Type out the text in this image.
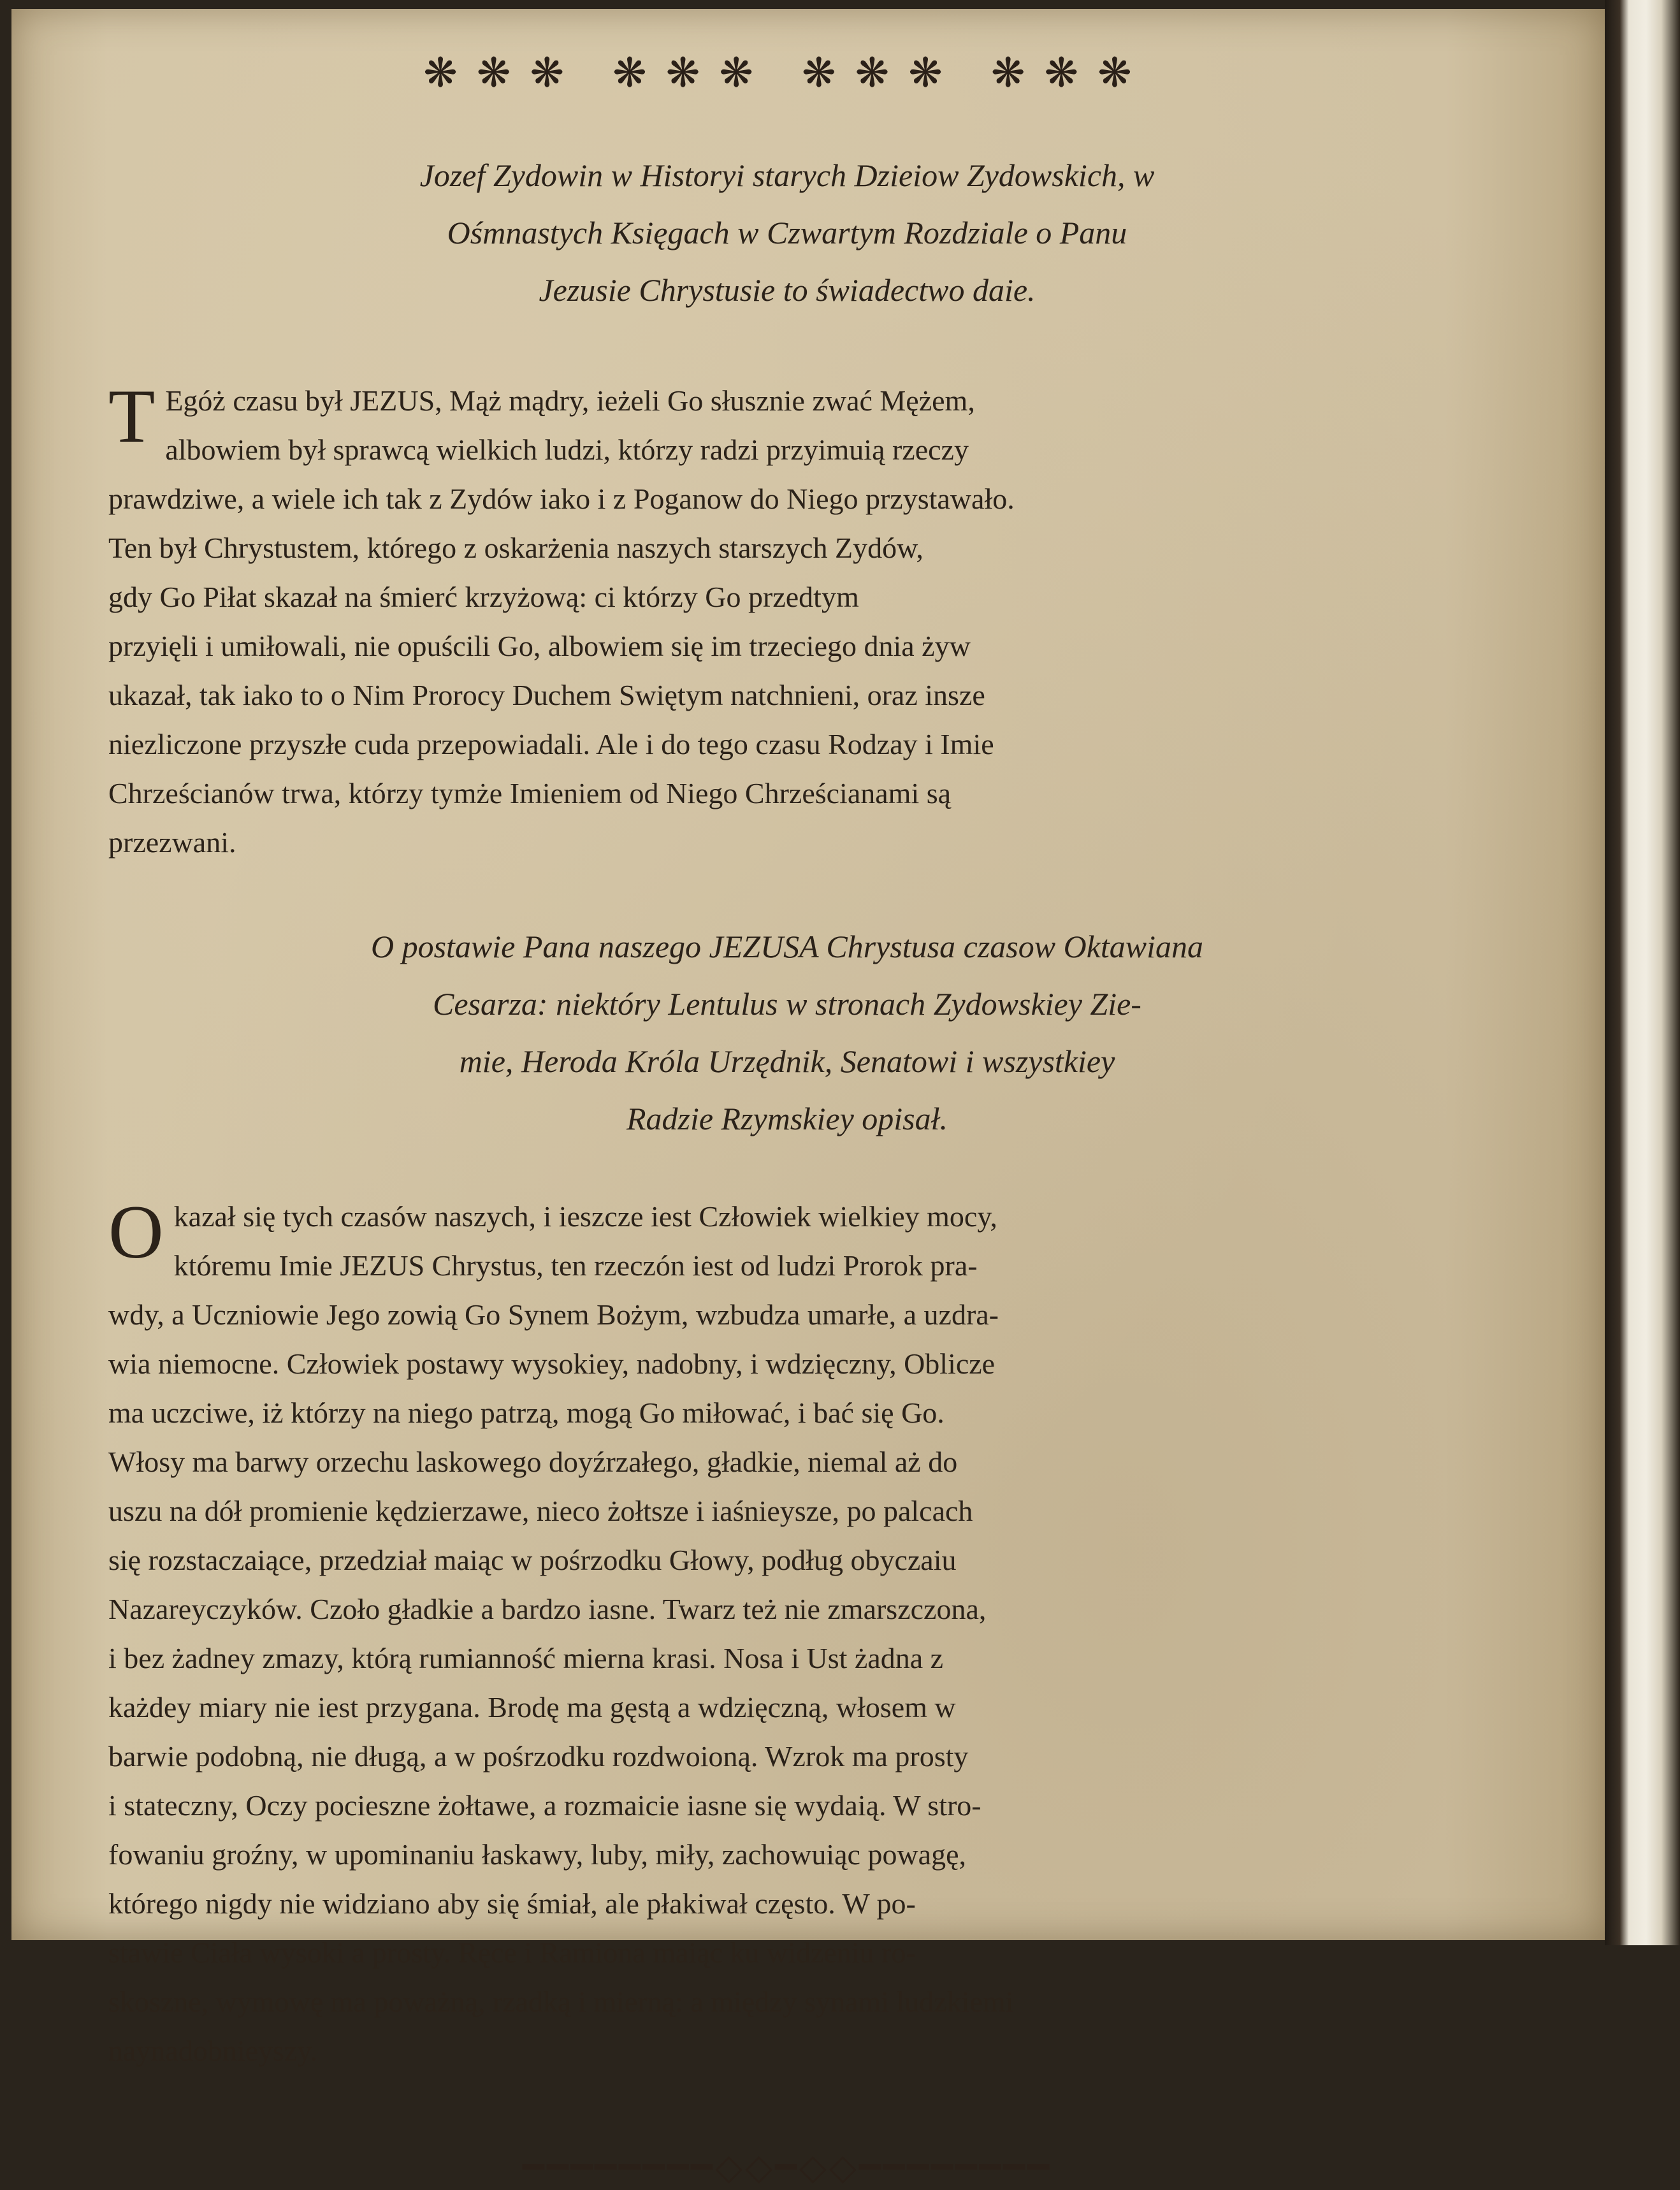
❋❋❋ ❋❋❋ ❋❋❋ ❋❋❋
Jozef Zydowin w Historyi starych Dzieiow Zydowskich, w
Ośmnastych Księgach w Czwartym Rozdziale o Panu
Jezusie Chrystusie to świadectwo daie.
T Egóż czasu był JEZUS, Mąż mądry, ieżeli Go słusznie zwać Mężem,
albowiem był sprawcą wielkich ludzi, którzy radzi przyimuią rzeczy
prawdziwe, a wiele ich tak z Zydów iako i z Poganow do Niego przystawało.
Ten był Chrystustem, którego z oskarżenia naszych starszych Zydów,
gdy Go Piłat skazał na śmierć krzyżową: ci którzy Go przedtym
przyięli i umiłowali, nie opuścili Go, albowiem się im trzeciego dnia żyw
ukazał, tak iako to o Nim Prorocy Duchem Swiętym natchnieni, oraz insze
niezliczone przyszłe cuda przepowiadali. Ale i do tego czasu Rodzay i Imie
Chrześcianów trwa, którzy tymże Imieniem od Niego Chrześcianami są
przezwani.
O postawie Pana naszego JEZUSA Chrystusa czasow Oktawiana
Cesarza: niektóry Lentulus w stronach Zydowskiey Zie-
mie, Heroda Króla Urzędnik, Senatowi i wszystkiey
Radzie Rzymskiey opisał.
O kazał się tych czasów naszych, i ieszcze iest Człowiek wielkiey mocy,
któremu Imie JEZUS Chrystus, ten rzeczón iest od ludzi Prorok pra-
wdy, a Uczniowie Jego zowią Go Synem Bożym, wzbudza umarłe, a uzdra-
wia niemocne. Człowiek postawy wysokiey, nadobny, i wdzięczny, Oblicze
ma uczciwe, iż którzy na niego patrzą, mogą Go miłować, i bać się Go.
Włosy ma barwy orzechu laskowego doyźrzałego, gładkie, niemal aż do
uszu na dół promienie kędzierzawe, nieco żołtsze i iaśnieysze, po palcach
się rozstaczaiące, przedział maiąc w pośrzodku Głowy, podług obyczaiu
Nazareyczyków. Czoło gładkie a bardzo iasne. Twarz też nie zmarszczona,
i bez żadney zmazy, którą rumianność mierna krasi. Nosa i Ust żadna z
każdey miary nie iest przygana. Brodę ma gęstą a wdzięczną, włosem w
barwie podobną, nie długą, a w pośrzodku rozdwoioną. Wzrok ma prosty
i stateczny, Oczy pocieszne żołtawe, a rozmaicie iasne się wydaią. W stro-
fowaniu groźny, w upominaniu łaskawy, luby, miły, zachowuiąc powagę,
którego nigdy nie widziano aby się śmiał, ale płakiwał często. W po-
stawie Ciała wysoki a prosty. Ręce i Ramiona maiąc ku widzeniu ro-
skoszne, wymowę ma poważną, rzadką i mierną: a między synami ludzkiemi
naynadobnieyszy.
━━━━━━━━◇◇━◇◇━━━━━━━━
